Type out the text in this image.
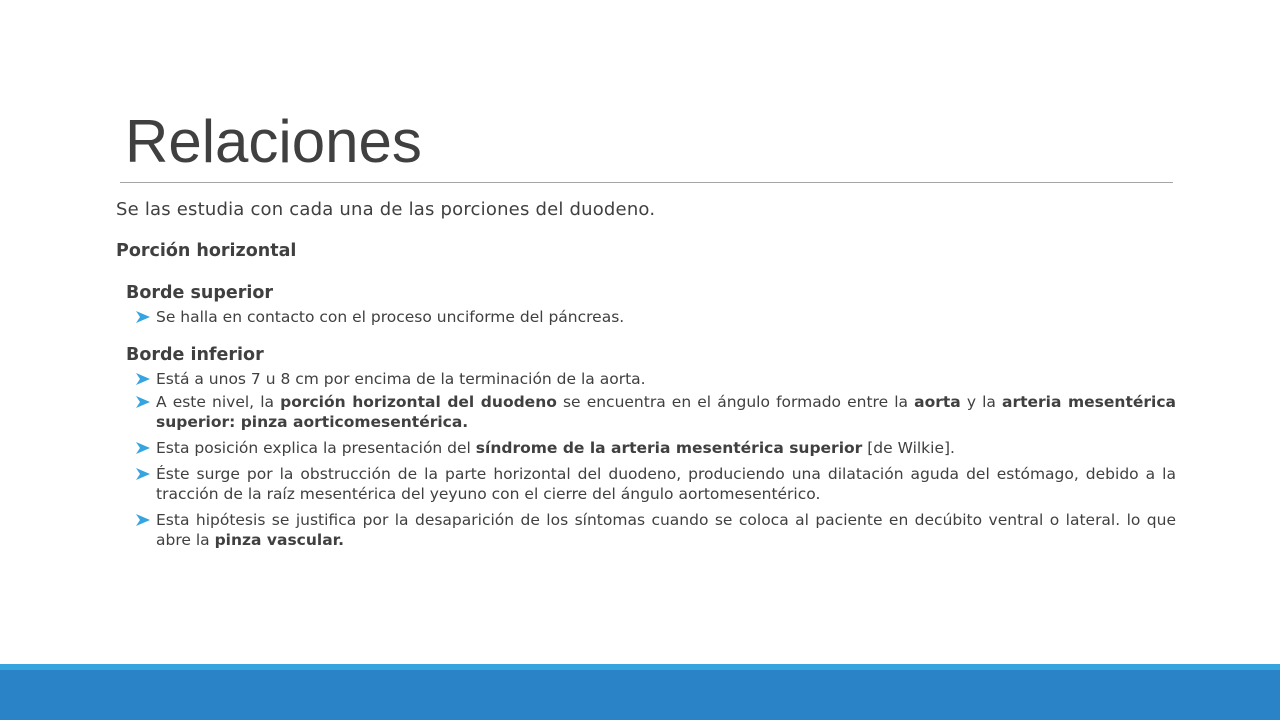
Relaciones

Se las estudia con cada una de las porciones del duodeno.

Porción horizontal

Borde superior

Se halla en contacto con el proceso unciforme del páncreas.

Borde inferior

Está a unos 7 u 8 cm por encima de la terminación de la aorta.
A este nivel, la porción horizontal del duodeno se encuentra en el ángulo formado entre la aorta y la arteria mesentérica superior: pinza aorticomesentérica.
Esta posición explica la presentación del síndrome de la arteria mesentérica superior [de Wilkie].
Éste surge por la obstrucción de la parte horizontal del duodeno, produciendo una dilatación aguda del estómago, debido a la tracción de la raíz mesentérica del yeyuno con el cierre del ángulo aortomesentérico.
Esta hipótesis se justifica por la desaparición de los síntomas cuando se coloca al paciente en decúbito ventral o lateral. lo que abre la pinza vascular.
